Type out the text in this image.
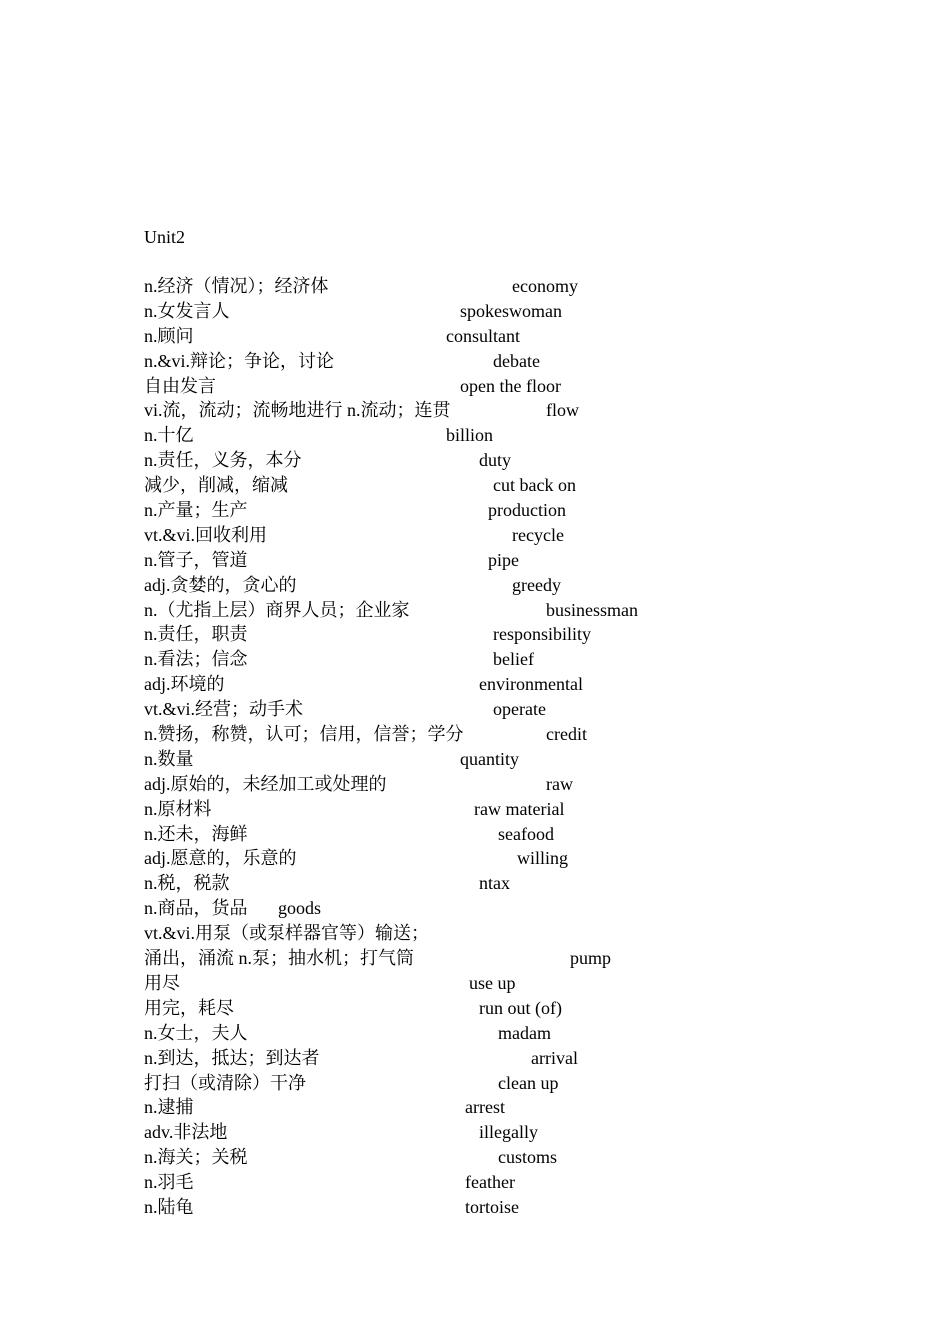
Unit2
n.经济（情况）；经济体	economy
n.女发言人	spokeswoman
n.顾问	consultant
n.&vi.辩论；争论，讨论	debate
自由发言	open the floor
vi.流，流动；流畅地进行 n.流动；连贯	flow
n.十亿	billion
n.责任，义务，本分	duty
减少，削减，缩减	cut back on
n.产量；生产	production
vt.&vi.回收利用	recycle
n.管子，管道	pipe
adj.贪婪的，贪心的	greedy
n.（尤指上层）商界人员；企业家	businessman
n.责任，职责	responsibility
n.看法；信念	belief
adj.环境的	environmental
vt.&vi.经营；动手术	operate
n.赞扬，称赞，认可；信用，信誉；学分	credit
n.数量	quantity
adj.原始的，未经加工或处理的	raw
n.原材料	raw material
n.还未，海鲜	seafood
adj.愿意的，乐意的	willing
n.税，税款	ntax
n.商品，货品 goods
vt.&vi.用泵（或泵样器官等）输送；
涌出，涌流 n.泵；抽水机；打气筒	pump
用尽	use up
用完，耗尽	run out (of)
n.女士，夫人	madam
n.到达，抵达；到达者	arrival
打扫（或清除）干净	clean up
n.逮捕	arrest
adv.非法地	illegally
n.海关；关税	customs
n.羽毛	feather
n.陆龟	tortoise
